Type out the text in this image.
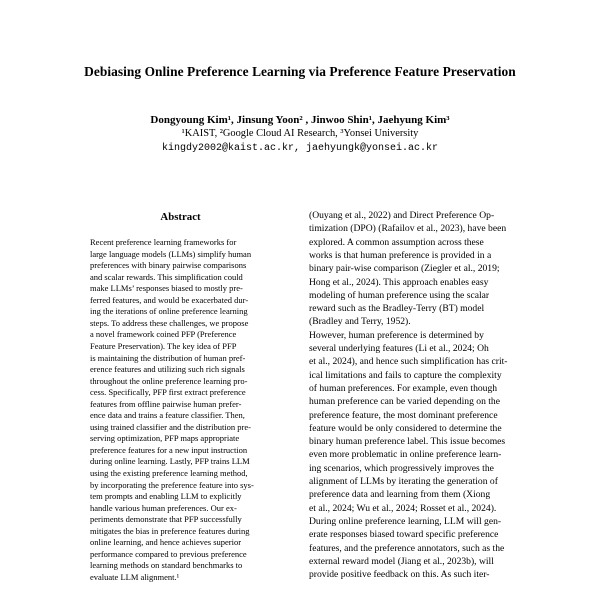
Debiasing Online Preference Learning via Preference Feature Preservation
Dongyoung Kim¹, Jinsung Yoon² , Jinwoo Shin¹, Jaehyung Kim³
¹KAIST, ²Google Cloud AI Research, ³Yonsei University
kingdy2002@kaist.ac.kr, jaehyungk@yonsei.ac.kr
Abstract
Recent preference learning frameworks for
large language models (LLMs) simplify human
preferences with binary pairwise comparisons
and scalar rewards. This simplification could
make LLMs’ responses biased to mostly pre-
ferred features, and would be exacerbated dur-
ing the iterations of online preference learning
steps. To address these challenges, we propose
a novel framework coined PFP (Preference
Feature Preservation). The key idea of PFP
is maintaining the distribution of human pref-
erence features and utilizing such rich signals
throughout the online preference learning pro-
cess. Specifically, PFP first extract preference
features from offline pairwise human prefer-
ence data and trains a feature classifier. Then,
using trained classifier and the distribution pre-
serving optimization, PFP maps appropriate
preference features for a new input instruction
during online learning. Lastly, PFP trains LLM
using the existing preference learning method,
by incorporating the preference feature into sys-
tem prompts and enabling LLM to explicitly
handle various human preferences. Our ex-
periments demonstrate that PFP successfully
mitigates the bias in preference features during
online learning, and hence achieves superior
performance compared to previous preference
learning methods on standard benchmarks to
evaluate LLM alignment.¹
(Ouyang et al., 2022) and Direct Preference Op-
timization (DPO) (Rafailov et al., 2023), have been
explored. A common assumption across these
works is that human preference is provided in a
binary pair-wise comparison (Ziegler et al., 2019;
Hong et al., 2024). This approach enables easy
modeling of human preference using the scalar
reward such as the Bradley-Terry (BT) model
(Bradley and Terry, 1952).
However, human preference is determined by
several underlying features (Li et al., 2024; Oh
et al., 2024), and hence such simplification has crit-
ical limitations and fails to capture the complexity
of human preferences. For example, even though
human preference can be varied depending on the
preference feature, the most dominant preference
feature would be only considered to determine the
binary human preference label. This issue becomes
even more problematic in online preference learn-
ing scenarios, which progressively improves the
alignment of LLMs by iterating the generation of
preference data and learning from them (Xiong
et al., 2024; Wu et al., 2024; Rosset et al., 2024).
During online preference learning, LLM will gen-
erate responses biased toward specific preference
features, and the preference annotators, such as the
external reward model (Jiang et al., 2023b), will
provide positive feedback on this. As such iter-
